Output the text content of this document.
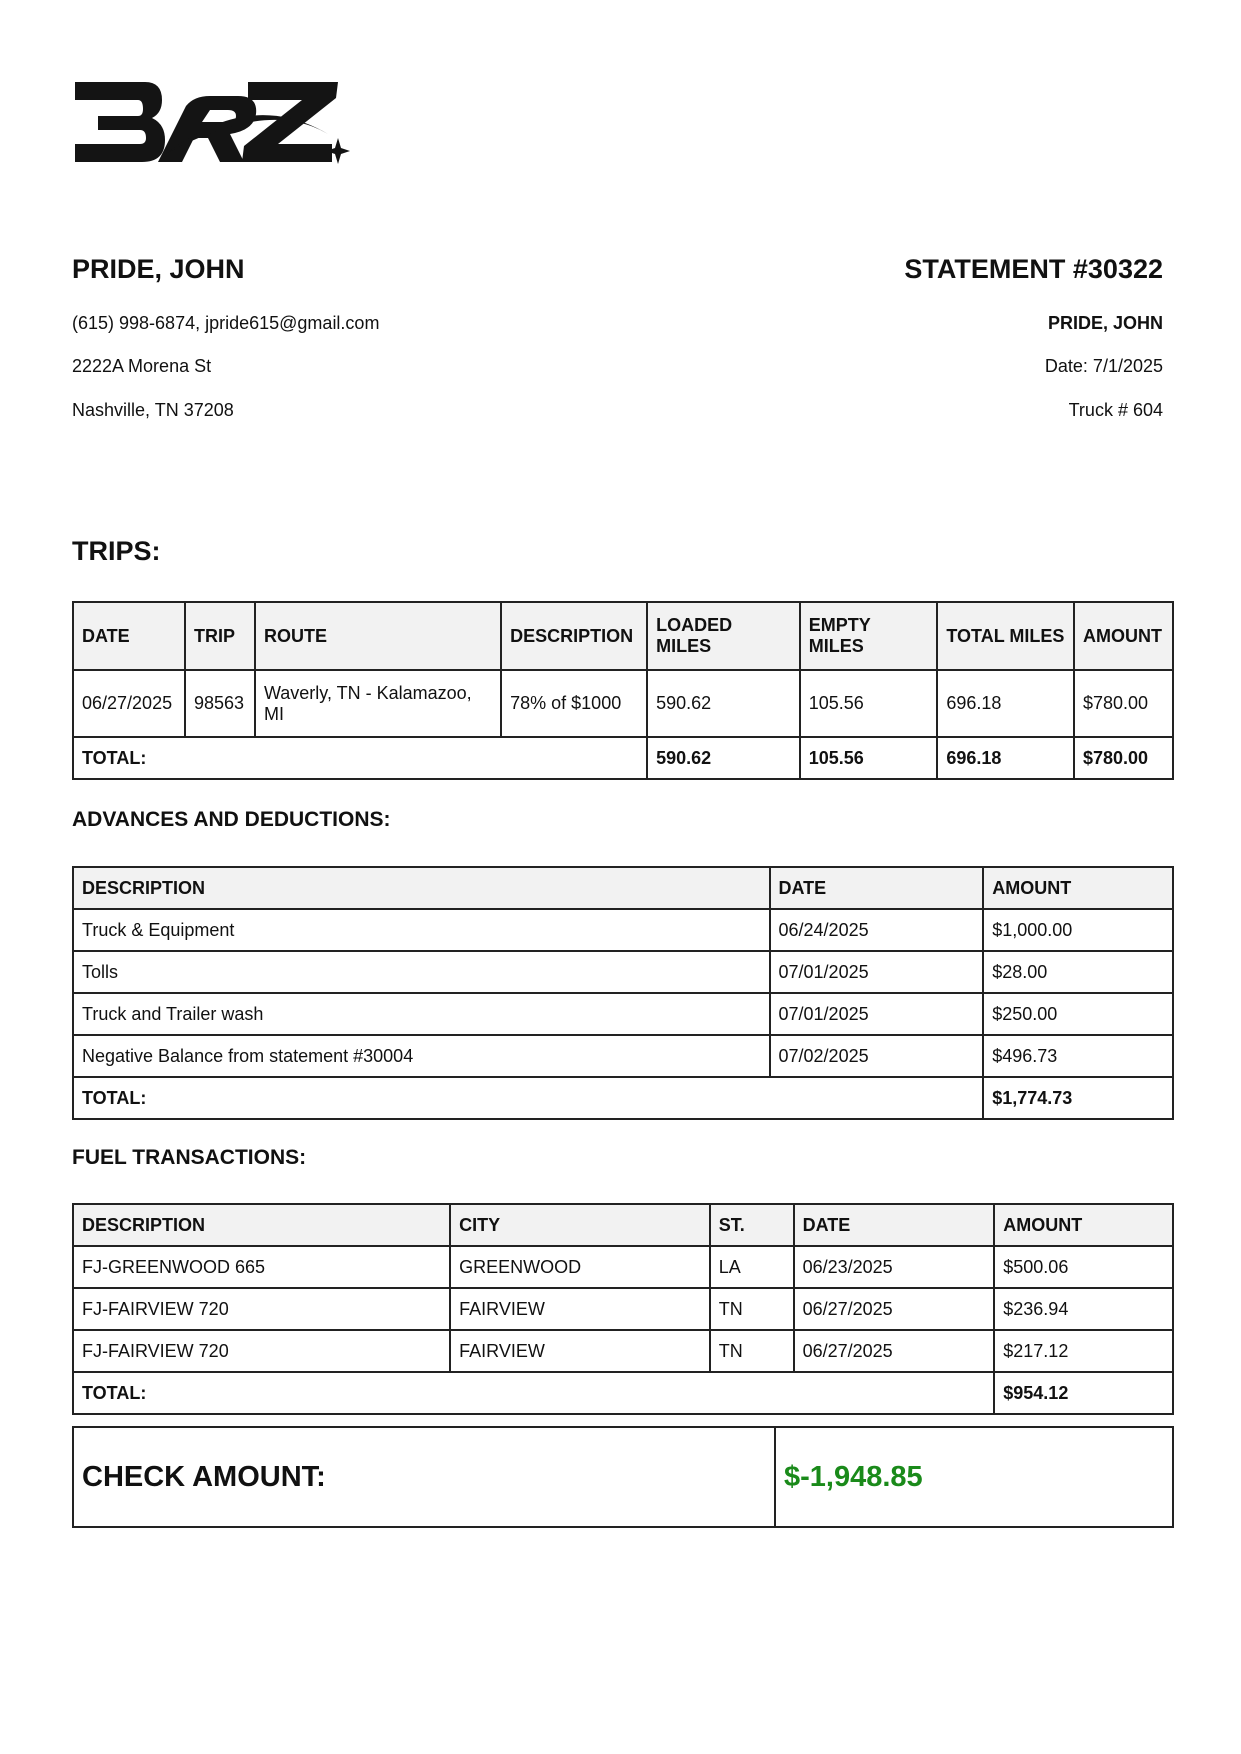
PRIDE, JOHN
(615) 998-6874, jpride615@gmail.com
2222A Morena St
Nashville, TN 37208
STATEMENT #30322
PRIDE, JOHN
Date: 7/1/2025
Truck # 604
TRIPS:
DATE	TRIP	ROUTE	DESCRIPTION	LOADED MILES	EMPTY MILES	TOTAL MILES	AMOUNT
06/27/2025	98563	Waverly, TN - Kalamazoo, MI	78% of $1000	590.62	105.56	696.18	$780.00
TOTAL:				590.62	105.56	696.18	$780.00
ADVANCES AND DEDUCTIONS:
DESCRIPTION	DATE	AMOUNT
Truck & Equipment	06/24/2025	$1,000.00
Tolls	07/01/2025	$28.00
Truck and Trailer wash	07/01/2025	$250.00
Negative Balance from statement #30004	07/02/2025	$496.73
TOTAL:		$1,774.73
FUEL TRANSACTIONS:
DESCRIPTION	CITY	ST.	DATE	AMOUNT
FJ-GREENWOOD 665	GREENWOOD	LA	06/23/2025	$500.06
FJ-FAIRVIEW 720	FAIRVIEW	TN	06/27/2025	$236.94
FJ-FAIRVIEW 720	FAIRVIEW	TN	06/27/2025	$217.12
TOTAL:				$954.12
CHECK AMOUNT:	$-1,948.85
